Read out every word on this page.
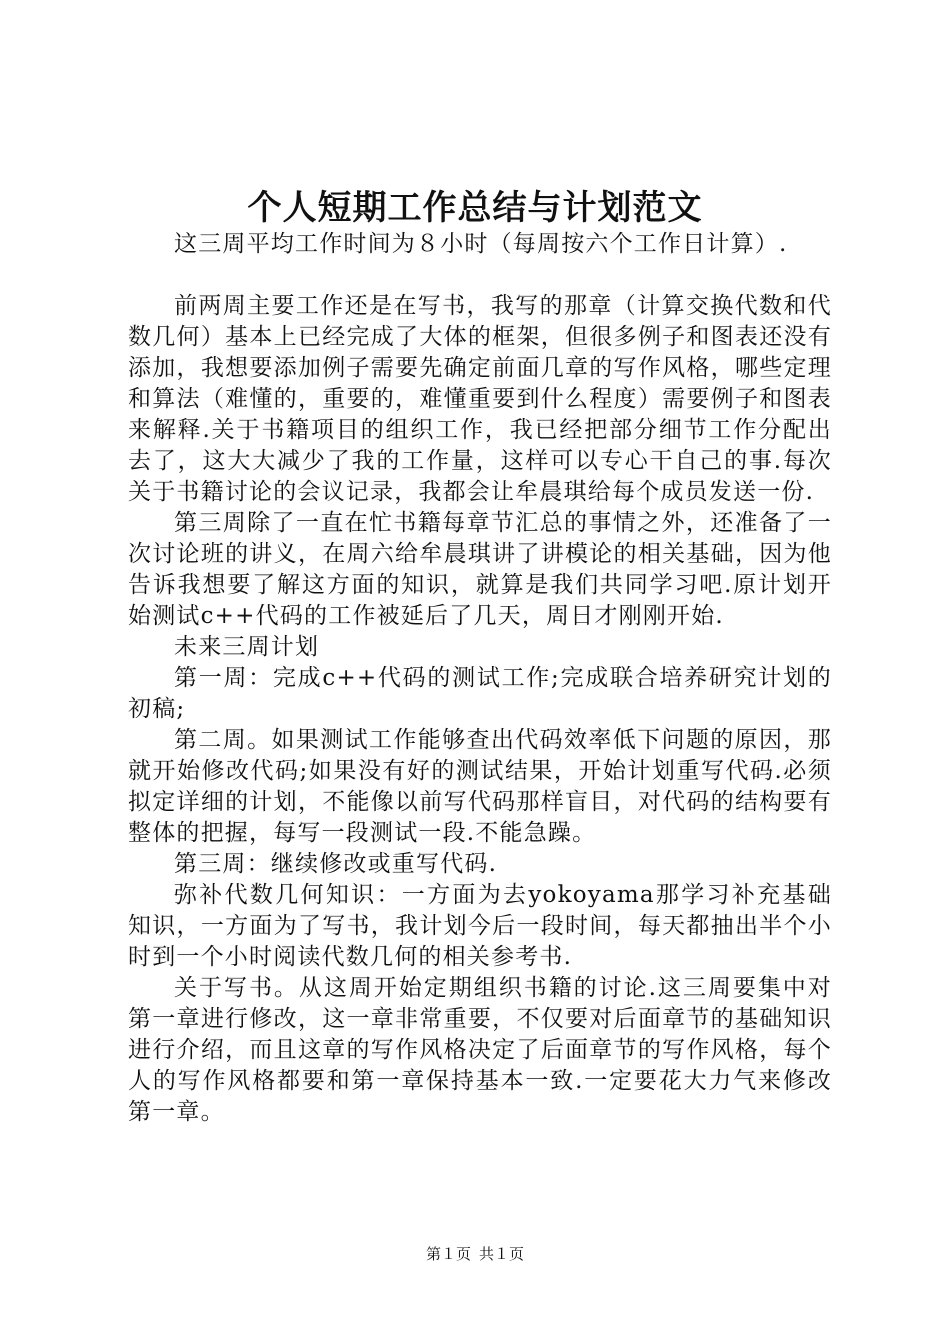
个人短期工作总结与计划范文

这三周平均工作时间为８小时（每周按六个工作日计算）.

前两周主要工作还是在写书，我写的那章（计算交换代数和代数几何）基本上已经完成了大体的框架，但很多例子和图表还没有添加，我想要添加例子需要先确定前面几章的写作风格，哪些定理和算法（难懂的，重要的，难懂重要到什么程度）需要例子和图表来解释.关于书籍项目的组织工作，我已经把部分细节工作分配出去了，这大大减少了我的工作量，这样可以专心干自己的事.每次关于书籍讨论的会议记录，我都会让牟晨琪给每个成员发送一份.

第三周除了一直在忙书籍每章节汇总的事情之外，还准备了一次讨论班的讲义，在周六给牟晨琪讲了讲模论的相关基础，因为他告诉我想要了解这方面的知识，就算是我们共同学习吧.原计划开始测试c++代码的工作被延后了几天，周日才刚刚开始.

未来三周计划

第一周：完成c++代码的测试工作;完成联合培养研究计划的初稿;

第二周。如果测试工作能够查出代码效率低下问题的原因，那就开始修改代码;如果没有好的测试结果，开始计划重写代码.必须拟定详细的计划，不能像以前写代码那样盲目，对代码的结构要有整体的把握，每写一段测试一段.不能急躁。

第三周：继续修改或重写代码.

弥补代数几何知识：一方面为去yokoyama那学习补充基础知识，一方面为了写书，我计划今后一段时间，每天都抽出半个小时到一个小时阅读代数几何的相关参考书.

关于写书。从这周开始定期组织书籍的讨论.这三周要集中对第一章进行修改，这一章非常重要，不仅要对后面章节的基础知识进行介绍，而且这章的写作风格决定了后面章节的写作风格，每个人的写作风格都要和第一章保持基本一致.一定要花大力气来修改第一章。

第１页 共１页
